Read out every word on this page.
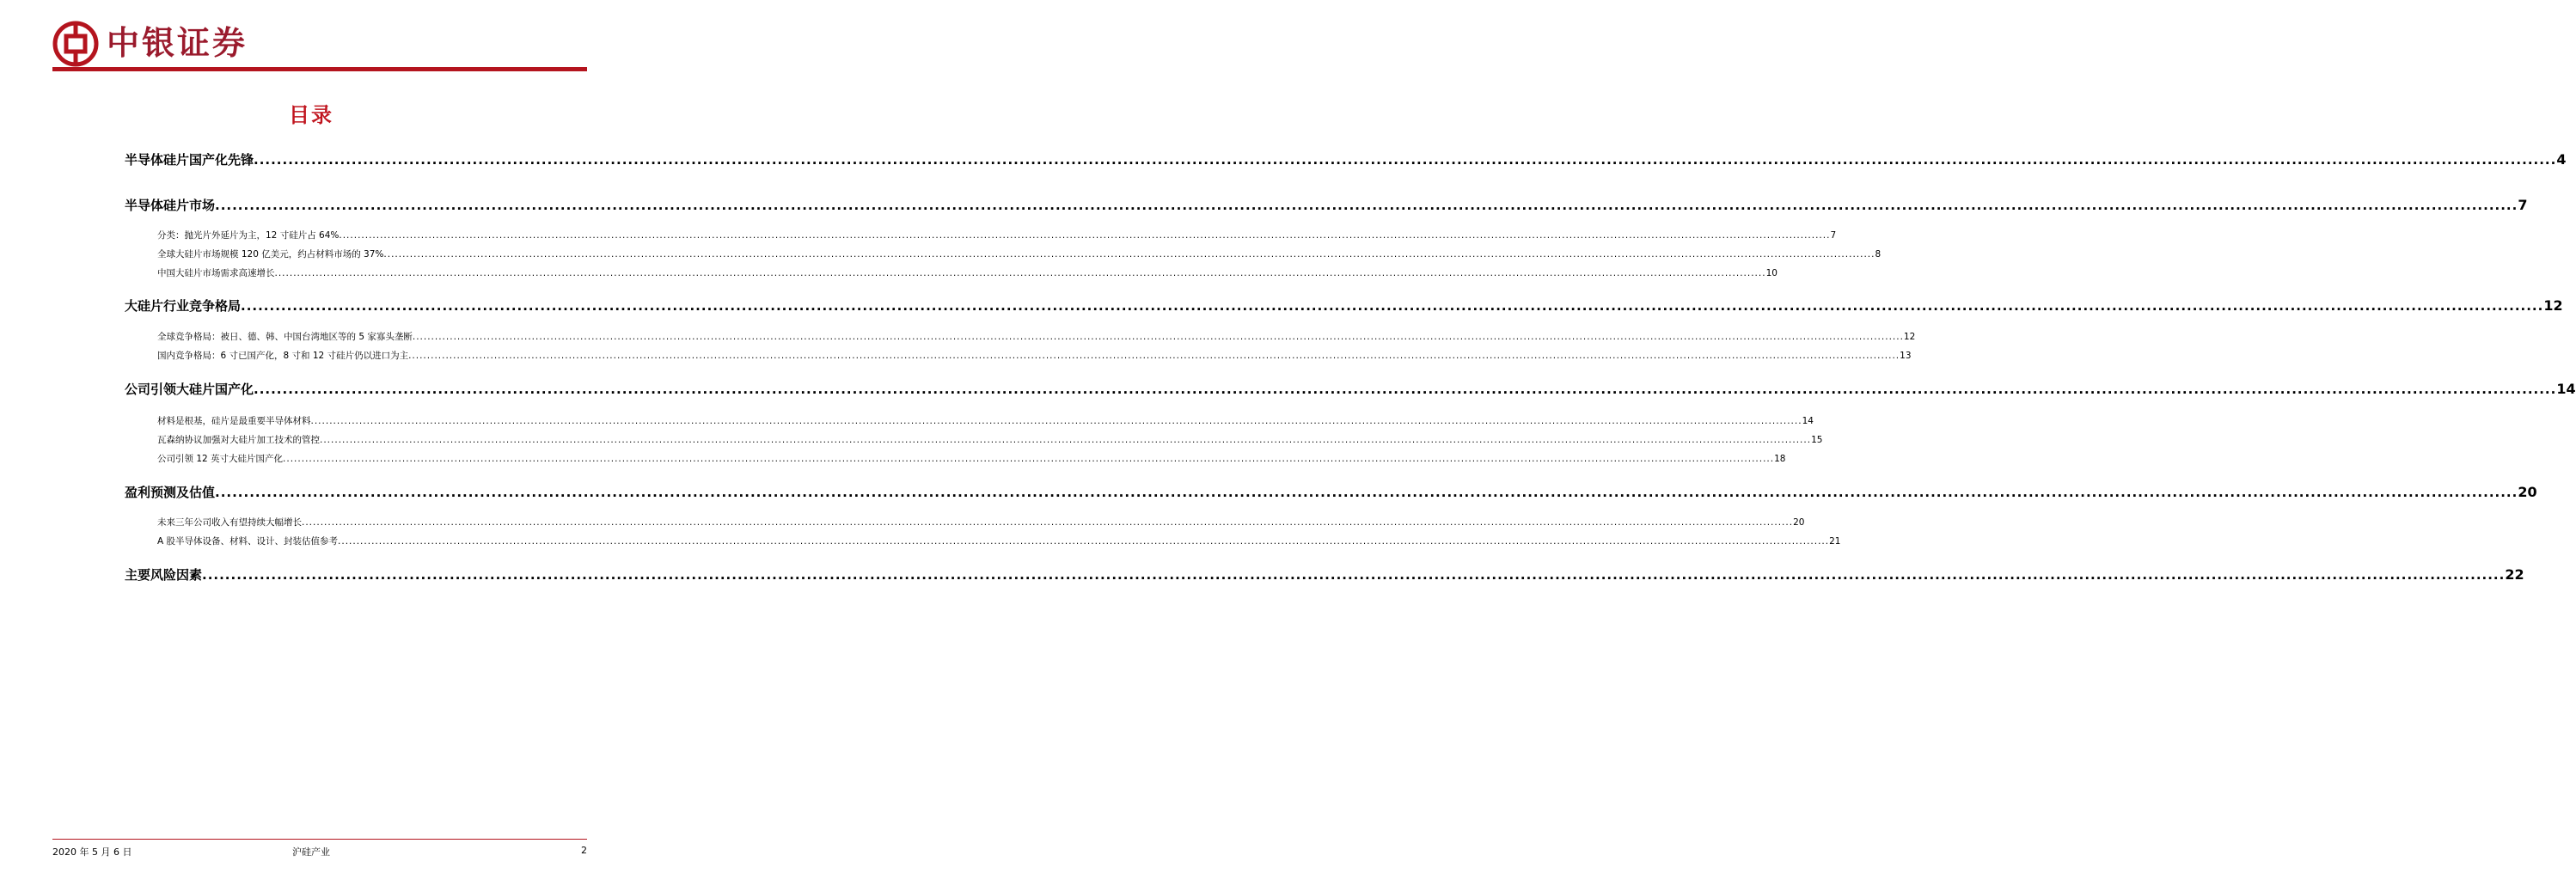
中银证券
目录
半导体硅片国产化先锋 ................................................................................................................................................................................................................................................................................................................................................................................................................ 4
半导体硅片市场 ................................................................................................................................................................................................................................................................................................................................................................................................................ 7
分类：抛光片外延片为主，12 寸硅片占 64% ................................................................................................................................................................................................................................................................................................................................................................................................................ 7
全球大硅片市场规模 120 亿美元，约占材料市场的 37% ................................................................................................................................................................................................................................................................................................................................................................................................................ 8
中国大硅片市场需求高速增长 ................................................................................................................................................................................................................................................................................................................................................................................................................ 10
大硅片行业竞争格局 ................................................................................................................................................................................................................................................................................................................................................................................................................ 12
全球竞争格局：被日、德、韩、中国台湾地区等的 5 家寡头垄断 ................................................................................................................................................................................................................................................................................................................................................................................................................ 12
国内竞争格局：6 寸已国产化，8 寸和 12 寸硅片仍以进口为主 ................................................................................................................................................................................................................................................................................................................................................................................................................ 13
公司引领大硅片国产化 ................................................................................................................................................................................................................................................................................................................................................................................................................ 14
材料是根基，硅片是最重要半导体材料 ................................................................................................................................................................................................................................................................................................................................................................................................................ 14
瓦森纳协议加强对大硅片加工技术的管控 ................................................................................................................................................................................................................................................................................................................................................................................................................ 15
公司引领 12 英寸大硅片国产化 ................................................................................................................................................................................................................................................................................................................................................................................................................ 18
盈利预测及估值 ................................................................................................................................................................................................................................................................................................................................................................................................................ 20
未来三年公司收入有望持续大幅增长 ................................................................................................................................................................................................................................................................................................................................................................................................................ 20
A 股半导体设备、材料、设计、封装估值参考 ................................................................................................................................................................................................................................................................................................................................................................................................................ 21
主要风险因素 ................................................................................................................................................................................................................................................................................................................................................................................................................ 22
2020 年 5 月 6 日	沪硅产业	2
